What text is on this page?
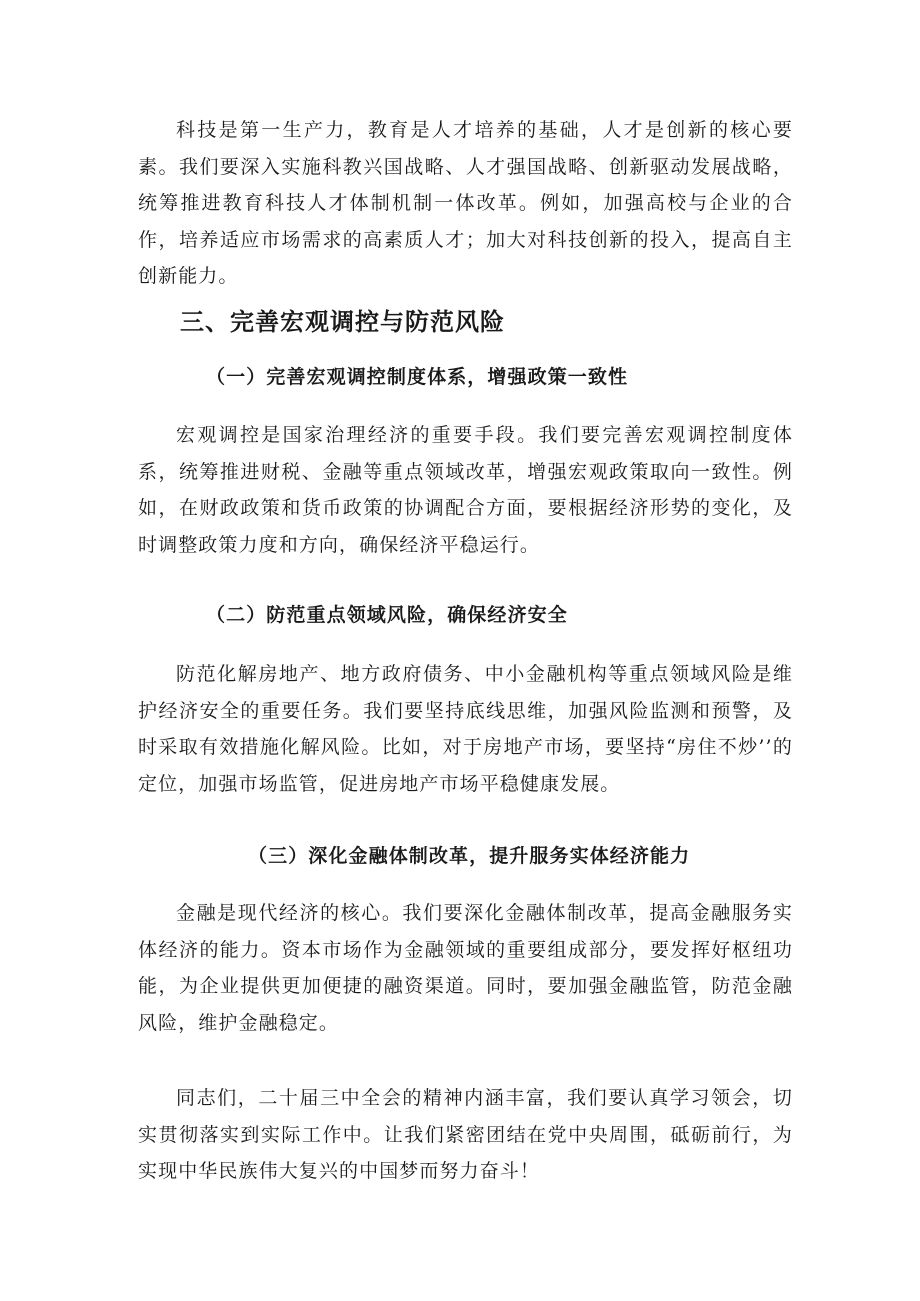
科技是第一生产力，教育是人才培养的基础，人才是创新的核心要素。我们要深入实施科教兴国战略、人才强国战略、创新驱动发展战略，统筹推进教育科技人才体制机制一体改革。例如，加强高校与企业的合作，培养适应市场需求的高素质人才；加大对科技创新的投入，提高自主创新能力。

三、完善宏观调控与防范风险
（一）完善宏观调控制度体系，增强政策一致性

宏观调控是国家治理经济的重要手段。我们要完善宏观调控制度体系，统筹推进财税、金融等重点领域改革，增强宏观政策取向一致性。例如，在财政政策和货币政策的协调配合方面，要根据经济形势的变化，及时调整政策力度和方向，确保经济平稳运行。

（二）防范重点领域风险，确保经济安全

防范化解房地产、地方政府债务、中小金融机构等重点领域风险是维护经济安全的重要任务。我们要坚持底线思维，加强风险监测和预警，及时采取有效措施化解风险。比如，对于房地产市场，要坚持“房住不炒’’的定位，加强市场监管，促进房地产市场平稳健康发展。

（三）深化金融体制改革，提升服务实体经济能力

金融是现代经济的核心。我们要深化金融体制改革，提高金融服务实体经济的能力。资本市场作为金融领域的重要组成部分，要发挥好枢纽功能，为企业提供更加便捷的融资渠道。同时，要加强金融监管，防范金融风险，维护金融稳定。

同志们，二十届三中全会的精神内涵丰富，我们要认真学习领会，切实贯彻落实到实际工作中。让我们紧密团结在党中央周围，砥砺前行，为实现中华民族伟大复兴的中国梦而努力奋斗！
